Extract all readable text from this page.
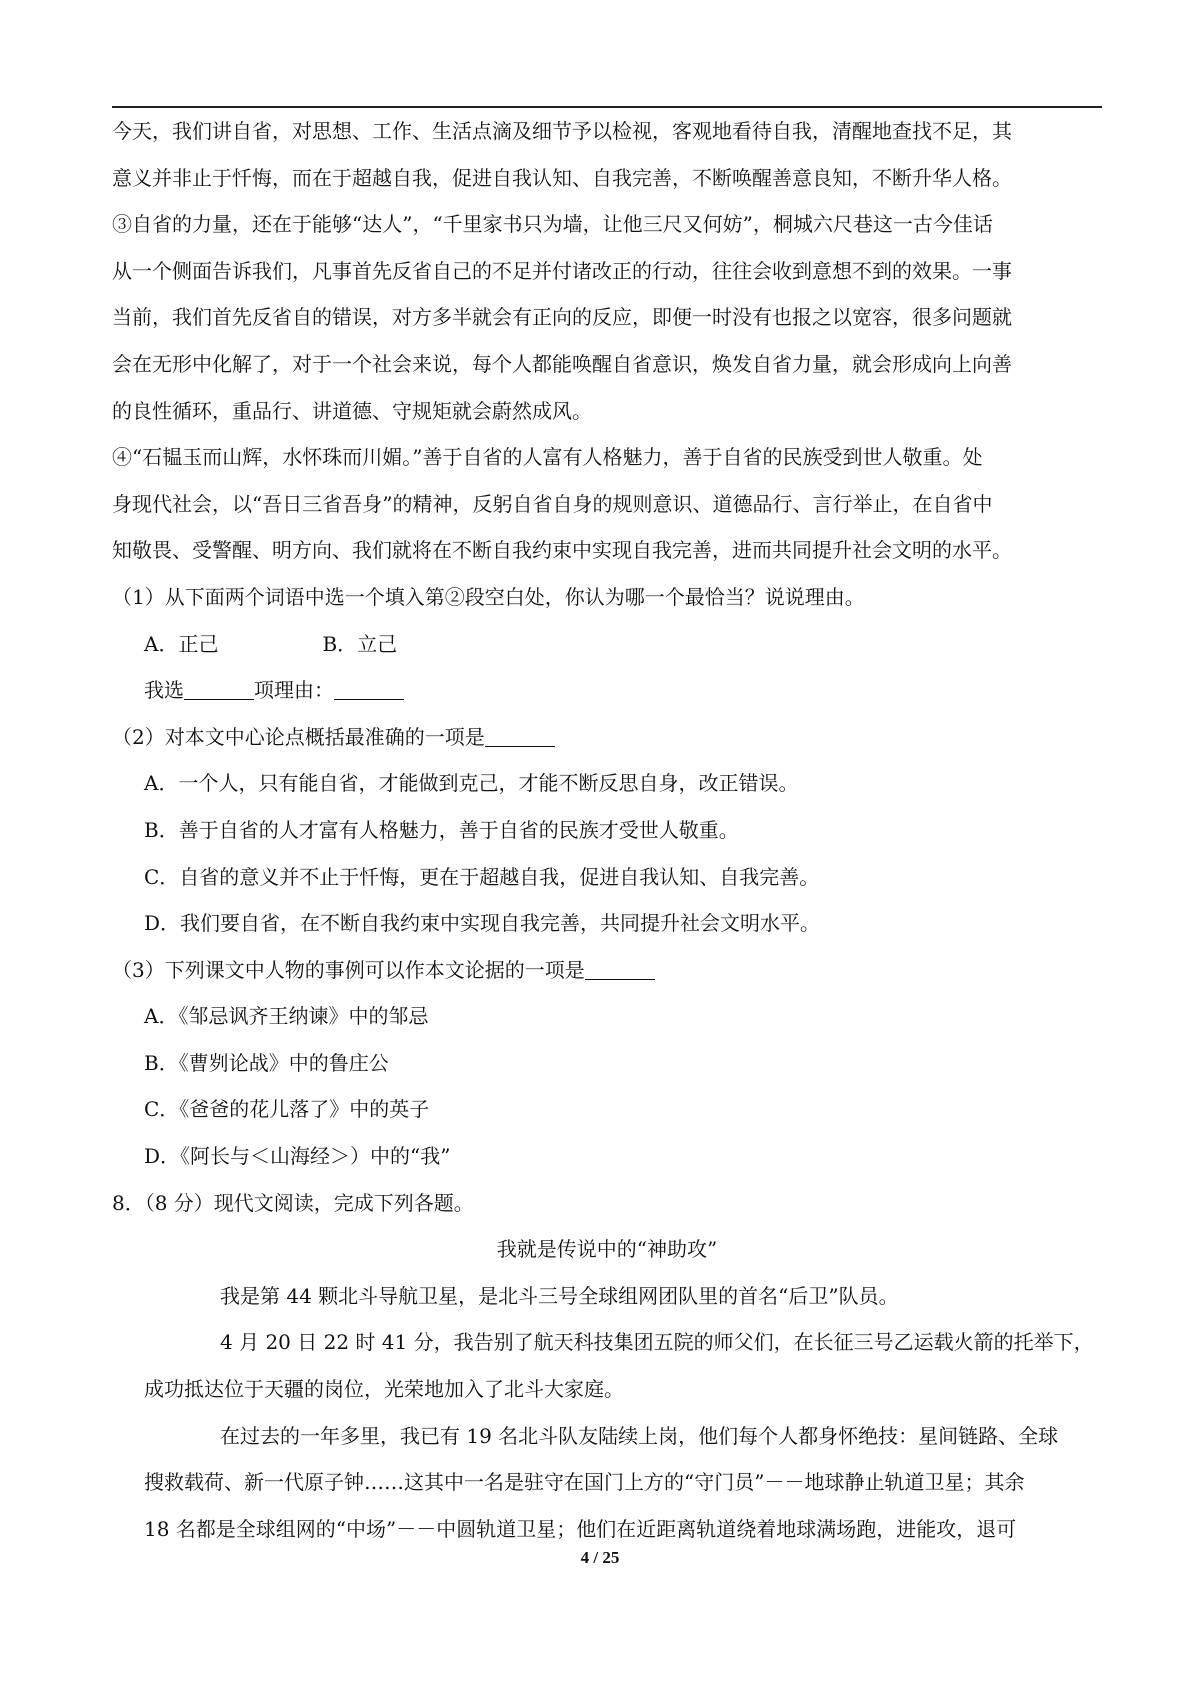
今天，我们讲自省，对思想、工作、生活点滴及细节予以检视，客观地看待自我，清醒地查找不足，其

意义并非止于忏悔，而在于超越自我，促进自我认知、自我完善，不断唤醒善意良知，不断升华人格。

③自省的力量，还在于能够“达人”，“千里家书只为墙，让他三尺又何妨”，桐城六尺巷这一古今佳话

从一个侧面告诉我们，凡事首先反省自己的不足并付诸改正的行动，往往会收到意想不到的效果。一事

当前，我们首先反省自的错误，对方多半就会有正向的反应，即便一时没有也报之以宽容，很多问题就

会在无形中化解了，对于一个社会来说，每个人都能唤醒自省意识，焕发自省力量，就会形成向上向善

的良性循环，重品行、讲道德、守规矩就会蔚然成风。

④“石韫玉而山辉，水怀珠而川媚。”善于自省的人富有人格魅力，善于自省的民族受到世人敬重。处

身现代社会，以“吾日三省吾身”的精神，反躬自省自身的规则意识、道德品行、言行举止，在自省中

知敬畏、受警醒、明方向、我们就将在不断自我约束中实现自我完善，进而共同提升社会文明的水平。

（1）从下面两个词语中选一个填入第②段空白处，你认为哪一个最恰当？说说理由。

A．正己	B．立己

我选	项理由：

（2）对本文中心论点概括最准确的一项是

A．一个人，只有能自省，才能做到克己，才能不断反思自身，改正错误。

B．善于自省的人才富有人格魅力，善于自省的民族才受世人敬重。

C．自省的意义并不止于忏悔，更在于超越自我，促进自我认知、自我完善。

D．我们要自省，在不断自我约束中实现自我完善，共同提升社会文明水平。

（3）下列课文中人物的事例可以作本文论据的一项是

A．《邹忌讽齐王纳谏》中的邹忌

B．《曹刿论战》中的鲁庄公

C．《爸爸的花儿落了》中的英子

D．《阿长与＜山海经＞）中的“我”

8．（8 分）现代文阅读，完成下列各题。

我就是传说中的“神助攻”

我是第 44 颗北斗导航卫星，是北斗三号全球组网团队里的首名“后卫”队员。

4 月 20 日 22 时 41 分，我告别了航天科技集团五院的师父们，在长征三号乙运载火箭的托举下，

成功抵达位于天疆的岗位，光荣地加入了北斗大家庭。

在过去的一年多里，我已有 19 名北斗队友陆续上岗，他们每个人都身怀绝技：星间链路、全球

搜救载荷、新一代原子钟……这其中一名是驻守在国门上方的“守门员”－－地球静止轨道卫星；其余

18 名都是全球组网的“中场”－－中圆轨道卫星；他们在近距离轨道绕着地球满场跑，进能攻，退可

4 / 25
